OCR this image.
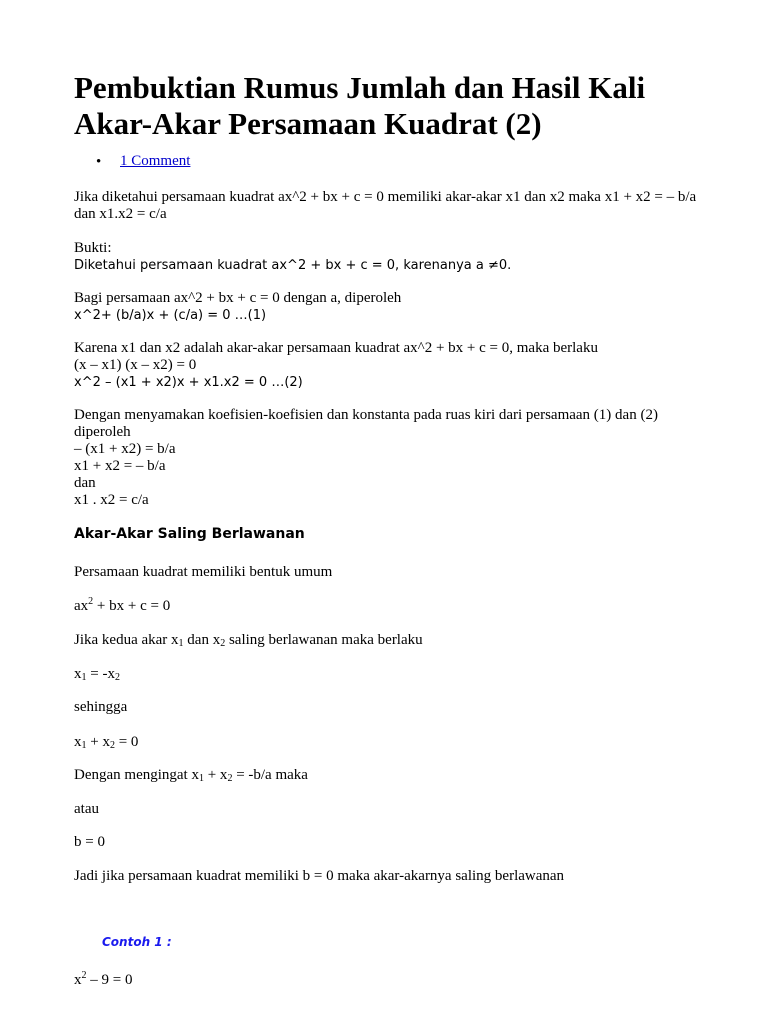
Pembuktian Rumus Jumlah dan Hasil Kali Akar-Akar Persamaan Kuadrat (2)
• 1 Comment

Jika diketahui persamaan kuadrat ax^2 + bx + c = 0 memiliki akar-akar x1 dan x2 maka x1 + x2 = – b/a dan x1.x2 = c/a

Bukti:

Diketahui persamaan kuadrat ax^2 + bx + c = 0, karenanya a ≠0.

Bagi persamaan ax^2 + bx + c = 0 dengan a, diperoleh

x^2+ (b/a)x + (c/a) = 0 …(1)

Karena x1 dan x2 adalah akar-akar persamaan kuadrat ax^2 + bx + c = 0, maka berlaku

(x – x1) (x – x2) = 0

x^2 – (x1 + x2)x + x1.x2 = 0 …(2)

Dengan menyamakan koefisien-koefisien dan konstanta pada ruas kiri dari persamaan (1) dan (2) diperoleh

– (x1 + x2) = b/a

x1 + x2 = – b/a

dan

x1 . x2 = c/a

Akar-Akar Saling Berlawanan

Persamaan kuadrat memiliki bentuk umum

$ax^2$ + bx + c = 0

Jika kedua akar $x_1$ dan $x_2$ saling berlawanan maka berlaku

$x_1 = -x_2$

sehingga

$x_1 + x_2 = 0$

Dengan mengingat $x_1 + x_2 = -b/a$ maka

atau

b = 0

Jadi jika persamaan kuadrat memiliki b = 0 maka akar-akarnya saling berlawanan

Contoh 1 :

$x^2 - 9 = 0$
